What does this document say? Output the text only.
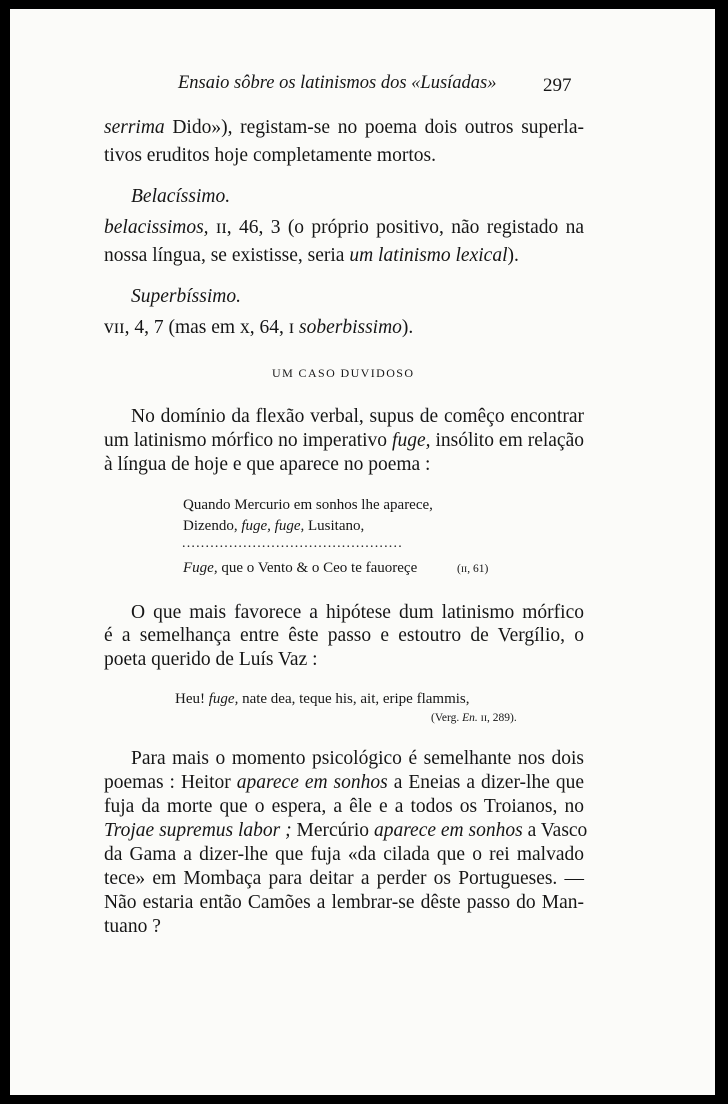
Ensaio sôbre os latinismos dos «Lusíadas» 297
serrima Dido»), registam-se no poema dois outros superla-
tivos eruditos hoje completamente mortos.
Belacíssimo.
belacissimos, ɪɪ, 46, 3 (o próprio positivo, não registado na
nossa língua, se existisse, seria um latinismo lexical).
Superbíssimo.
vɪɪ, 4, 7 (mas em x, 64, ɪ soberbissimo).
UM CASO DUVIDOSO
No domínio da flexão verbal, supus de comêço encontrar
um latinismo mórfico no imperativo fuge, insólito em relação
à língua de hoje e que aparece no poema :
Quando Mercurio em sonhos lhe aparece,
Dizendo, fuge, fuge, Lusitano,
...............................................
Fuge, que o Vento & o Ceo te fauoreçe	(ɪɪ, 61)
O que mais favorece a hipótese dum latinismo mórfico
é a semelhança entre êste passo e estoutro de Vergílio, o
poeta querido de Luís Vaz :
Heu! fuge, nate dea, teque his, ait, eripe flammis,
(Verg. En. ɪɪ, 289).
Para mais o momento psicológico é semelhante nos dois
poemas : Heitor aparece em sonhos a Eneias a dizer-lhe que
fuja da morte que o espera, a êle e a todos os Troianos, no
Trojae supremus labor ; Mercúrio aparece em sonhos a Vasco
da Gama a dizer-lhe que fuja «da cilada que o rei malvado
tece» em Mombaça para deitar a perder os Portugueses. —
Não estaria então Camões a lembrar-se dêste passo do Man-
tuano ?
